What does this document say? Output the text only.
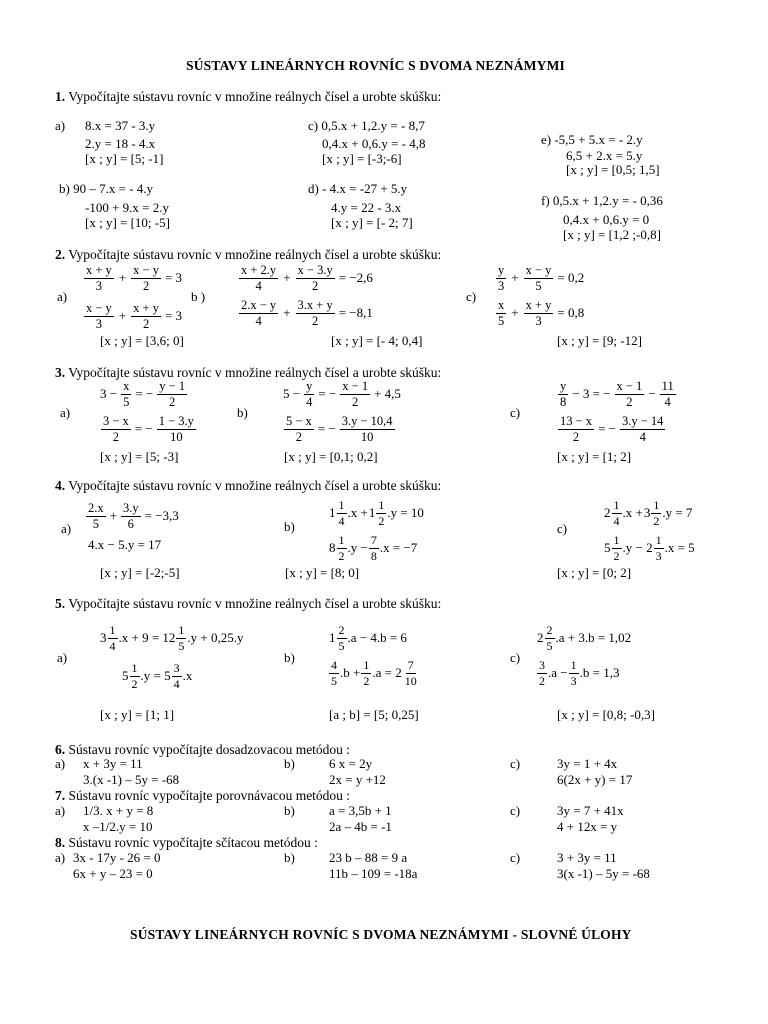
SÚSTAVY LINEÁRNYCH ROVNÍC S DVOMA NEZNÁMYMI
1. Vypočítajte sústavu rovníc v množine reálnych čísel a urobte skúšku:
a) 8.x = 37 - 3.y
2.y = 18 - 4.x
[x ; y] = [5; -1]
c) 0,5.x + 1,2.y = - 8,7
0,4.x + 0,6.y = - 4,8
[x ; y] = [-3;-6]
e) -5,5 + 5.x = - 2.y
6,5 + 2.x = 5.y
[x ; y] = [0,5; 1,5]
b) 90 – 7.x = - 4.y
-100 + 9.x = 2.y
[x ; y] = [10; -5]
d) - 4.x = -27 + 5.y
4.y = 22 - 3.x
[x ; y] = [- 2; 7]
f) 0,5.x + 1,2.y = - 0,36
0,4.x + 0,6.y = 0
[x ; y] = [1,2 ;-0,8]
2. Vypočítajte sústavu rovníc v množine reálnych čísel a urobte skúšku:
a)
$\frac{x + y}{3} + \frac{x - y}{2} = 3$
$\frac{x - y}{3} + \frac{x + y}{2} = 3$
[x ; y] = [3,6; 0]
b )
$\frac{x + 2.y}{4} + \frac{x - 3.y}{2} = -2,6$
$\frac{2.x - y}{4} + \frac{3.x + y}{2} = -8,1$
[x ; y] = [- 4; 0,4]
c)
$\frac{y}{3} + \frac{x - y}{5} = 0,2$
$\frac{x}{5} + \frac{x + y}{3} = 0,8$
[x ; y] = [9; -12]
3. Vypočítajte sústavu rovníc v množine reálnych čísel a urobte skúšku:
a)
$3 - \frac{x}{5}$ = − $\frac{y - 1}{2}$
$\frac{3 - x}{2}$ = − $\frac{1 - 3.y}{10}$
[x ; y] = [5; -3]
b)
$5 - \frac{y}{4}$ = − $\frac{x - 1}{2} + 4,5$
$\frac{5 - x}{2}$ = − $\frac{3.y - 10,4}{10}$
[x ; y] = [0,1; 0,2]
c)
$\frac{y}{8} - 3$ = − $\frac{x - 1}{2} - \frac{11}{4}$
$\frac{13 - x}{2}$ = − $\frac{3.y - 14}{4}$
[x ; y] = [1; 2]
4. Vypočítajte sústavu rovníc v množine reálnych čísel a urobte skúšku:
$a) \frac{2.x}{5} + \frac{3.y}{6} = -3,3$
4.x − 5.y = 17
[x ; y] = [-2;-5]
b)
$1 \frac{1}{4} .x + 1 \frac{1}{2} .y = 10$
$8 \frac{1}{2} .y - \frac{7}{8} .x = -7$
[x ; y] = [8; 0]
c)
$2 \frac{1}{4} .x + 3 \frac{1}{2} .y = 7$
$5 \frac{1}{2} .y - 2 \frac{1}{3} .x = 5$
[x ; y] = [0; 2]
5. Vypočítajte sústavu rovníc v množine reálnych čísel a urobte skúšku:
a)
$3 \frac{1}{4} .x + 9 = 12 \frac{1}{5} .y + 0,25.y$
$5 \frac{1}{2} .y = 5 \frac{3}{4} .x$
[x ; y] = [1; 1]
b)
$1 \frac{2}{5} .a - 4.b = 6$
$\frac{4}{5} .b + \frac{1}{2} .a = 2 \frac{7}{10}$
[a ; b] = [5; 0,25]
c)
$2 \frac{2}{5} .a + 3.b = 1,02$
$\frac{3}{2} .a - \frac{1}{3} .b = 1,3$
[x ; y] = [0,8; -0,3]
6. Sústavu rovníc vypočítajte dosadzovacou metódou :
a) x + 3y = 11
3.(x -1) – 5y = -68
b)	6 x = 2y
2x = y +12
c)	3y = 1 + 4x
6(2x + y) = 17
7. Sústavu rovníc vypočítajte porovnávacou metódou :
a) 1/3. x + y = 8
x –1/2.y = 10
b)	a = 3,5b + 1
2a – 4b = -1
c)	3y = 7 + 41x
4 + 12x = y
8. Sústavu rovníc vypočítajte sčítacou metódou :
a) 3x - 17y - 26 = 0
6x + y – 23 = 0
b)	23 b – 88 = 9 a
11b – 109 = -18a
c)	3 + 3y = 11
3(x -1) – 5y = -68
SÚSTAVY LINEÁRNYCH ROVNÍC S DVOMA NEZNÁMYMI - SLOVNÉ ÚLOHY
